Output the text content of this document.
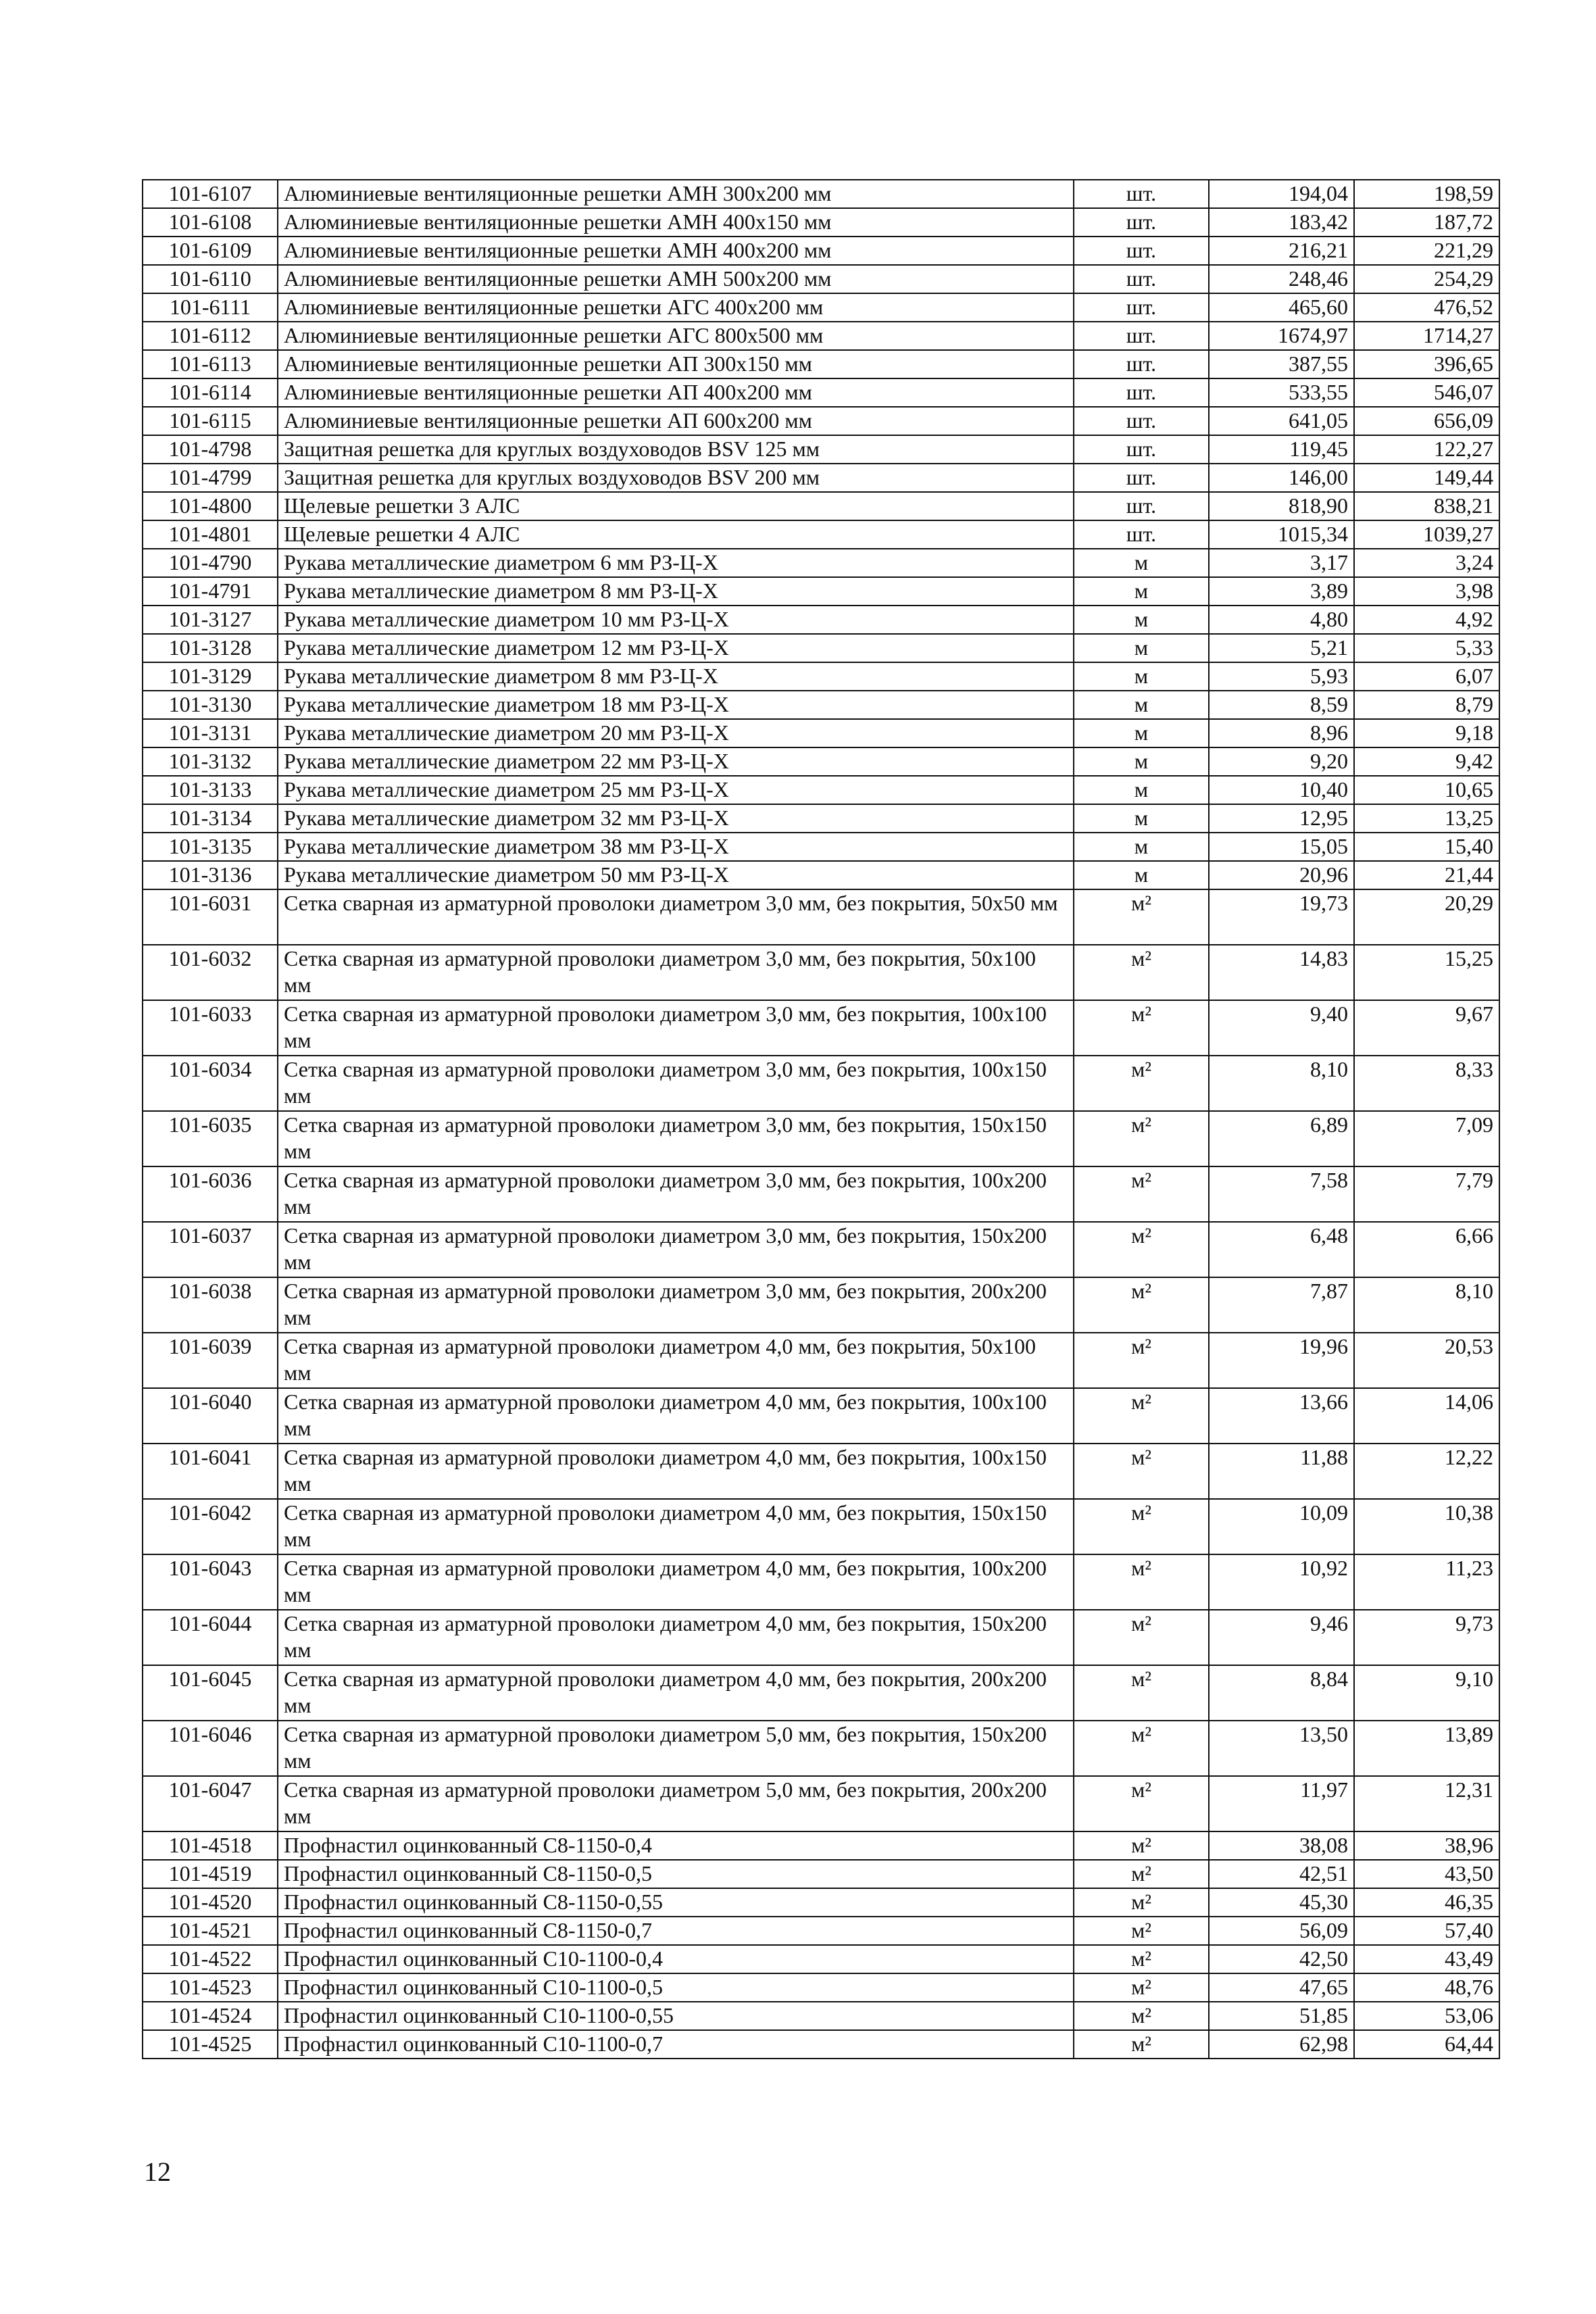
101-6107	Алюминиевые вентиляционные решетки АМН 300х200 мм	шт.	194,04	198,59
101-6108	Алюминиевые вентиляционные решетки АМН 400x150 мм	шт.	183,42	187,72
101-6109	Алюминиевые вентиляционные решетки АМН 400x200 мм	шт.	216,21	221,29
101-6110	Алюминиевые вентиляционные решетки АМН 500x200 мм	шт.	248,46	254,29
101-6111	Алюминиевые вентиляционные решетки АГС 400x200 мм	шт.	465,60	476,52
101-6112	Алюминиевые вентиляционные решетки АГС 800x500 мм	шт.	1674,97	1714,27
101-6113	Алюминиевые вентиляционные решетки АП 300x150 мм	шт.	387,55	396,65
101-6114	Алюминиевые вентиляционные решетки АП 400x200 мм	шт.	533,55	546,07
101-6115	Алюминиевые вентиляционные решетки АП 600x200 мм	шт.	641,05	656,09
101-4798	Защитная решетка для круглых воздуховодов BSV 125 мм	шт.	119,45	122,27
101-4799	Защитная решетка для круглых воздуховодов BSV 200 мм	шт.	146,00	149,44
101-4800	Щелевые решетки 3 АЛС	шт.	818,90	838,21
101-4801	Щелевые решетки 4 АЛС	шт.	1015,34	1039,27
101-4790	Рукава металлические диаметром 6 мм РЗ-Ц-Х	м	3,17	3,24
101-4791	Рукава металлические диаметром 8 мм РЗ-Ц-Х	м	3,89	3,98
101-3127	Рукава металлические диаметром 10 мм РЗ-Ц-Х	м	4,80	4,92
101-3128	Рукава металлические диаметром 12 мм РЗ-Ц-Х	м	5,21	5,33
101-3129	Рукава металлические диаметром 8 мм РЗ-Ц-Х	м	5,93	6,07
101-3130	Рукава металлические диаметром 18 мм РЗ-Ц-Х	м	8,59	8,79
101-3131	Рукава металлические диаметром 20 мм РЗ-Ц-Х	м	8,96	9,18
101-3132	Рукава металлические диаметром 22 мм РЗ-Ц-Х	м	9,20	9,42
101-3133	Рукава металлические диаметром 25 мм РЗ-Ц-Х	м	10,40	10,65
101-3134	Рукава металлические диаметром 32 мм РЗ-Ц-Х	м	12,95	13,25
101-3135	Рукава металлические диаметром 38 мм РЗ-Ц-Х	м	15,05	15,40
101-3136	Рукава металлические диаметром 50 мм РЗ-Ц-Х	м	20,96	21,44
101-6031	Сетка сварная из арматурной проволоки диаметром 3,0 мм, без покрытия, 50x50 мм	м²	19,73	20,29
101-6032	Сетка сварная из арматурной проволоки диаметром 3,0 мм, без покрытия, 50x100 мм	м²	14,83	15,25
101-6033	Сетка сварная из арматурной проволоки диаметром 3,0 мм, без покрытия, 100x100 мм	м²	9,40	9,67
101-6034	Сетка сварная из арматурной проволоки диаметром 3,0 мм, без покрытия, 100x150 мм	м²	8,10	8,33
101-6035	Сетка сварная из арматурной проволоки диаметром 3,0 мм, без покрытия, 150x150 мм	м²	6,89	7,09
101-6036	Сетка сварная из арматурной проволоки диаметром 3,0 мм, без покрытия, 100x200 мм	м²	7,58	7,79
101-6037	Сетка сварная из арматурной проволоки диаметром 3,0 мм, без покрытия, 150x200 мм	м²	6,48	6,66
101-6038	Сетка сварная из арматурной проволоки диаметром 3,0 мм, без покрытия, 200x200 мм	м²	7,87	8,10
101-6039	Сетка сварная из арматурной проволоки диаметром 4,0 мм, без покрытия, 50x100 мм	м²	19,96	20,53
101-6040	Сетка сварная из арматурной проволоки диаметром 4,0 мм, без покрытия, 100x100 мм	м²	13,66	14,06
101-6041	Сетка сварная из арматурной проволоки диаметром 4,0 мм, без покрытия, 100x150 мм	м²	11,88	12,22
101-6042	Сетка сварная из арматурной проволоки диаметром 4,0 мм, без покрытия, 150x150 мм	м²	10,09	10,38
101-6043	Сетка сварная из арматурной проволоки диаметром 4,0 мм, без покрытия, 100x200 мм	м²	10,92	11,23
101-6044	Сетка сварная из арматурной проволоки диаметром 4,0 мм, без покрытия, 150x200 мм	м²	9,46	9,73
101-6045	Сетка сварная из арматурной проволоки диаметром 4,0 мм, без покрытия, 200x200 мм	м²	8,84	9,10
101-6046	Сетка сварная из арматурной проволоки диаметром 5,0 мм, без покрытия, 150x200 мм	м²	13,50	13,89
101-6047	Сетка сварная из арматурной проволоки диаметром 5,0 мм, без покрытия, 200x200 мм	м²	11,97	12,31
101-4518	Профнастил оцинкованный С8-1150-0,4	м²	38,08	38,96
101-4519	Профнастил оцинкованный С8-1150-0,5	м²	42,51	43,50
101-4520	Профнастил оцинкованный С8-1150-0,55	м²	45,30	46,35
101-4521	Профнастил оцинкованный С8-1150-0,7	м²	56,09	57,40
101-4522	Профнастил оцинкованный С10-1100-0,4	м²	42,50	43,49
101-4523	Профнастил оцинкованный С10-1100-0,5	м²	47,65	48,76
101-4524	Профнастил оцинкованный С10-1100-0,55	м²	51,85	53,06
101-4525	Профнастил оцинкованный С10-1100-0,7	м²	62,98	64,44
12
